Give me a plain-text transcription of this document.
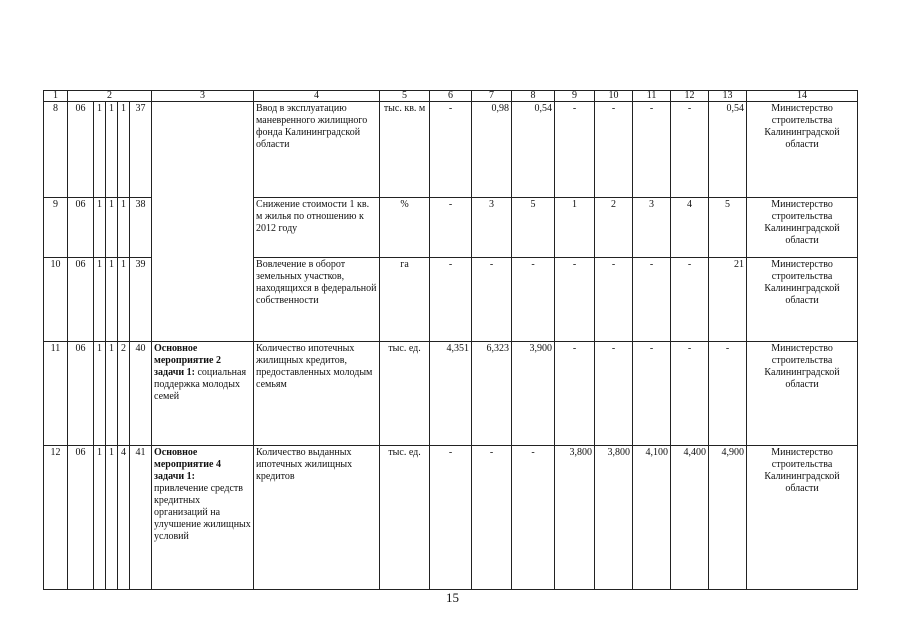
1	2					3	4	5	6	7	8	9	10	11	12	13	14
8	06	1	1	1	37		Ввод в эксплуатацию маневренного жилищного фонда Калининградской области	тыс. кв. м	-	0,98	0,54	-	-	-	-	0,54	Министерство строительства Калининградской области
9	06	1	1	1	38		Снижение стоимости 1 кв. м жилья по отношению к 2012 году	%	-	3	5	1	2	3	4	5	Министерство строительства Калининградской области
10	06	1	1	1	39		Вовлечение в оборот земельных участков, находящихся в федеральной собственности	га	-	-	-	-	-	-	-	21	Министерство строительства Калининградской области
11	06	1	1	2	40	Основное мероприятие 2 задачи 1: социальная поддержка молодых семей	Количество ипотечных жилищных кредитов, предоставленных молодым семьям	тыс. ед.	4,351	6,323	3,900	-	-	-	-	-	Министерство строительства Калининградской области
12	06	1	1	4	41	Основное мероприятие 4 задачи 1: привлечение средств кредитных организаций на улучшение жилищных условий	Количество выданных ипотечных жилищных кредитов	тыс. ед.	-	-	-	3,800	3,800	4,100	4,400	4,900	Министерство строительства Калининградской области
15
